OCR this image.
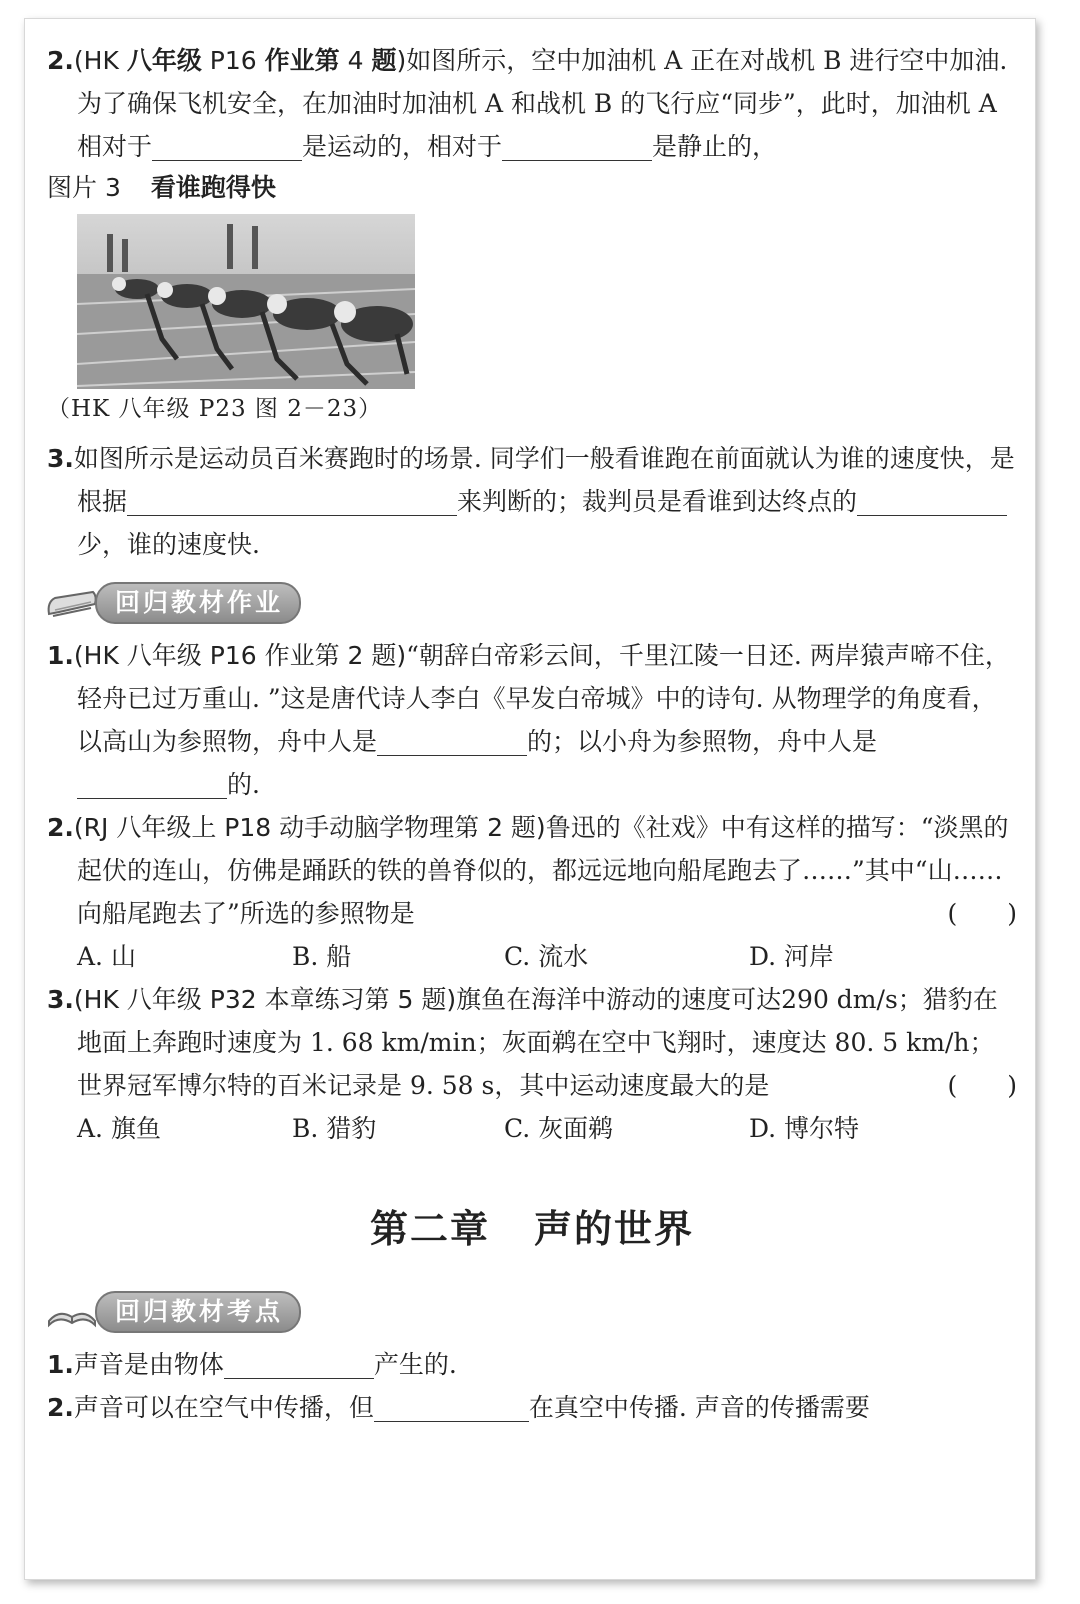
2.(HK 八年级 P16 作业第 4 题)如图所示，空中加油机 A 正在对战机 B 进行空中加油. 为了确保飞机安全，在加油时加油机 A 和战机 B 的飞行应“同步”，此时，加油机 A 相对于	是运动的，相对于	是静止的，

图片 3 看谁跑得快
（HK 八年级 P23 图 2－23）

3.如图所示是运动员百米赛跑时的场景. 同学们一般看谁跑在前面就认为谁的速度快，是根据	来判断的；裁判员是看谁到达终点的少，谁的速度快.

回归教材作业

1.(HK 八年级 P16 作业第 2 题)“朝辞白帝彩云间，千里江陵一日还. 两岸猿声啼不住，轻舟已过万重山. ”这是唐代诗人李白《早发白帝城》中的诗句. 从物理学的角度看，以高山为参照物，舟中人是	的；以小舟为参照物，舟中人是的.

2.(RJ 八年级上 P18 动手动脑学物理第 2 题)鲁迅的《社戏》中有这样的描写：“淡黑的起伏的连山，仿佛是踊跃的铁的兽脊似的，都远远地向船尾跑去了……”其中“山……向船尾跑去了”所选的参照物是	(　　)

A. 山	B. 船	C. 流水	D. 河岸

3.(HK 八年级 P32 本章练习第 5 题)旗鱼在海洋中游动的速度可达290 dm/s；猎豹在地面上奔跑时速度为 1. 68 km/min；灰面鹈在空中飞翔时，速度达 80. 5 km/h；世界冠军博尔特的百米记录是 9. 58 s，其中运动速度最大的是	(　　)

A. 旗鱼	B. 猎豹	C. 灰面鹈	D. 博尔特
第二章 声的世界
回归教材考点

1.声音是由物体	产生的.

2.声音可以在空气中传播，但	在真空中传播. 声音的传播需要
